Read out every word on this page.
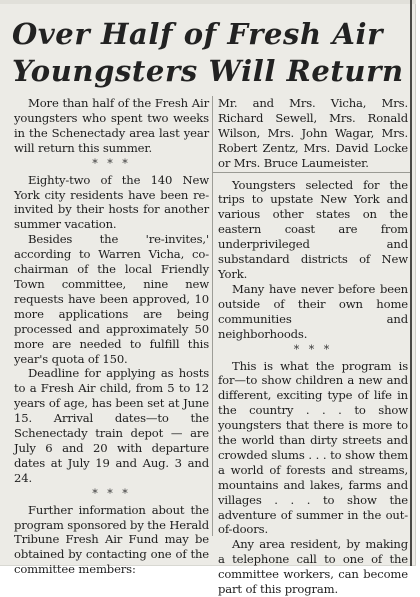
Over Half of Fresh Air
Youngsters Will Return

More than half of the Fresh Air youngsters who spent two weeks in the Schenectady area last year will return this summer.

* * *

Eighty-two of the 140 New York city residents have been re-invited by their hosts for another summer vacation.

Besides the 're-invites,' according to Warren Vicha, co-chairman of the local Friendly Town committee, nine new requests have been approved, 10 more applications are being processed and approximately 50 more are needed to fulfill this year's quota of 150.

Deadline for applying as hosts to a Fresh Air child, from 5 to 12 years of age, has been set at June 15. Arrival dates—to the Schenectady train depot — are July 6 and 20 with departure dates at July 19 and Aug. 3 and 24.

* * *

Further information about the program sponsored by the Herald Tribune Fresh Air Fund may be obtained by contacting one of the committee members:

Mr. and Mrs. Vicha, Mrs. Richard Sewell, Mrs. Ronald Wilson, Mrs. John Wagar, Mrs. Robert Zentz, Mrs. David Locke or Mrs. Bruce Laumeister.

Youngsters selected for the trips to upstate New York and various other states on the eastern coast are from underprivileged and substandard districts of New York.

Many have never before been outside of their own home communities and neighborhoods.

* * *

This is what the program is for—to show children a new and different, exciting type of life in the country . . . to show youngsters that there is more to the world than dirty streets and crowded slums . . . to show them a world of forests and streams, mountains and lakes, farms and villages . . . to show the adventure of summer in the out-of-doors.

Any area resident, by making a telephone call to one of the committee workers, can become part of this program.
